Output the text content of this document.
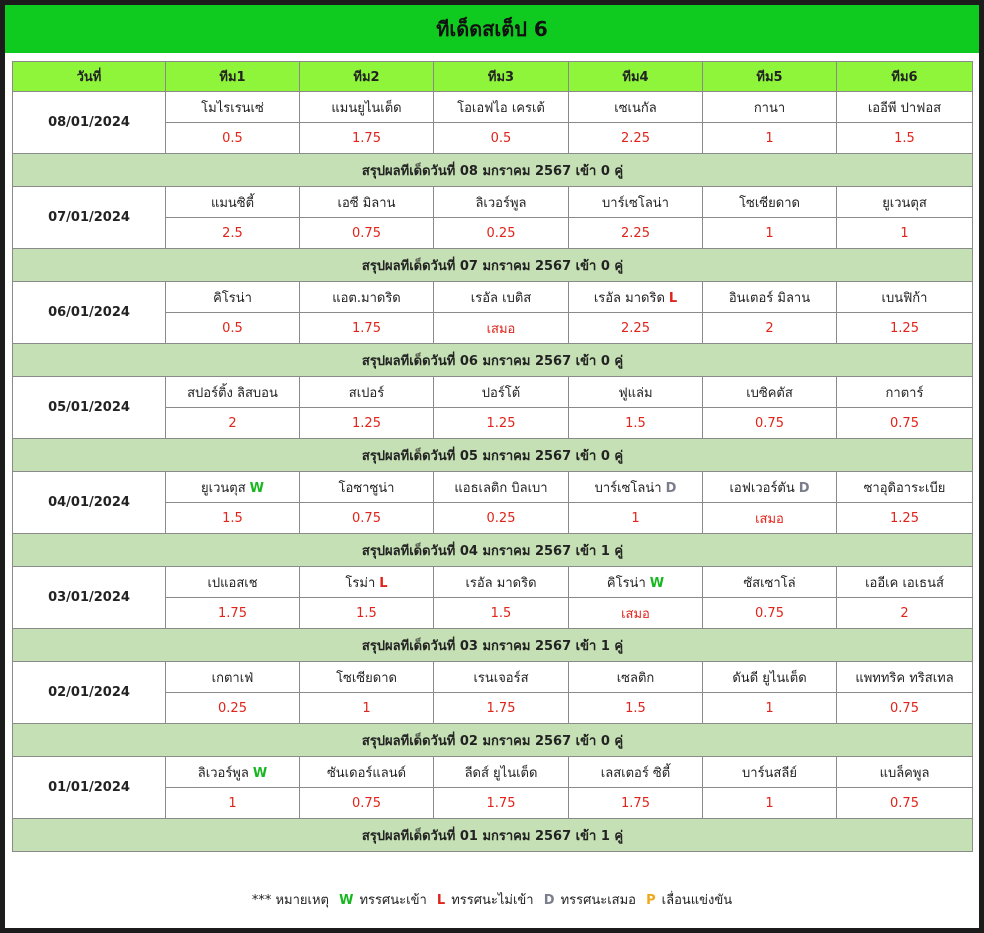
ทีเด็ดสเต็ป 6
วันที่	ทีม1	ทีม2	ทีม3	ทีม4	ทีม5	ทีม6
08/01/2024	โมไรเรนเซ่	แมนยูไนเต็ด	โอเอฟไอ เครเต้	เซเนกัล	กานา	เออีพี ปาฟอส
	0.5	1.75	0.5	2.25	1	1.5
สรุปผลทีเด็ดวันที่ 08 มกราคม 2567 เข้า 0 คู่						
07/01/2024	แมนซิตี้	เอซี มิลาน	ลิเวอร์พูล	บาร์เซโลน่า	โซเซียดาด	ยูเวนตุส
	2.5	0.75	0.25	2.25	1	1
สรุปผลทีเด็ดวันที่ 07 มกราคม 2567 เข้า 0 คู่						
06/01/2024	คิโรน่า	แอต.มาดริด	เรอัล เบติส	เรอัล มาดริด L	อินเตอร์ มิลาน	เบนฟิก้า
	0.5	1.75	เสมอ	2.25	2	1.25
สรุปผลทีเด็ดวันที่ 06 มกราคม 2567 เข้า 0 คู่						
05/01/2024	สปอร์ติ้ง ลิสบอน	สเปอร์	ปอร์โต้	ฟูแล่ม	เบซิคตัส	กาตาร์
	2	1.25	1.25	1.5	0.75	0.75
สรุปผลทีเด็ดวันที่ 05 มกราคม 2567 เข้า 0 คู่						
04/01/2024	ยูเวนตุส W	โอซาซูน่า	แอธเลติก บิลเบา	บาร์เซโลน่า D	เอฟเวอร์ตัน D	ซาอุดิอาระเบีย
	1.5	0.75	0.25	1	เสมอ	1.25
สรุปผลทีเด็ดวันที่ 04 มกราคม 2567 เข้า 1 คู่						
03/01/2024	เปแอสเช	โรม่า L	เรอัล มาดริด	คิโรน่า W	ซัสเซาโล่	เออีเค เอเธนส์
	1.75	1.5	1.5	เสมอ	0.75	2
สรุปผลทีเด็ดวันที่ 03 มกราคม 2567 เข้า 1 คู่						
02/01/2024	เกตาเฟ่	โซเซียดาด	เรนเจอร์ส	เซลติก	ดันดี ยูไนเต็ด	แพททริค ทริสเทล
	0.25	1	1.75	1.5	1	0.75
สรุปผลทีเด็ดวันที่ 02 มกราคม 2567 เข้า 0 คู่						
01/01/2024	ลิเวอร์พูล W	ซันเดอร์แลนด์	ลีดส์ ยูไนเต็ด	เลสเตอร์ ซิตี้	บาร์นสลีย์	แบล็คพูล
	1	0.75	1.75	1.75	1	0.75
สรุปผลทีเด็ดวันที่ 01 มกราคม 2567 เข้า 1 คู่						
*** หมายเหตุ W ทรรศนะเข้า L ทรรศนะไม่เข้า D ทรรศนะเสมอ P เลื่อนแข่งขัน
